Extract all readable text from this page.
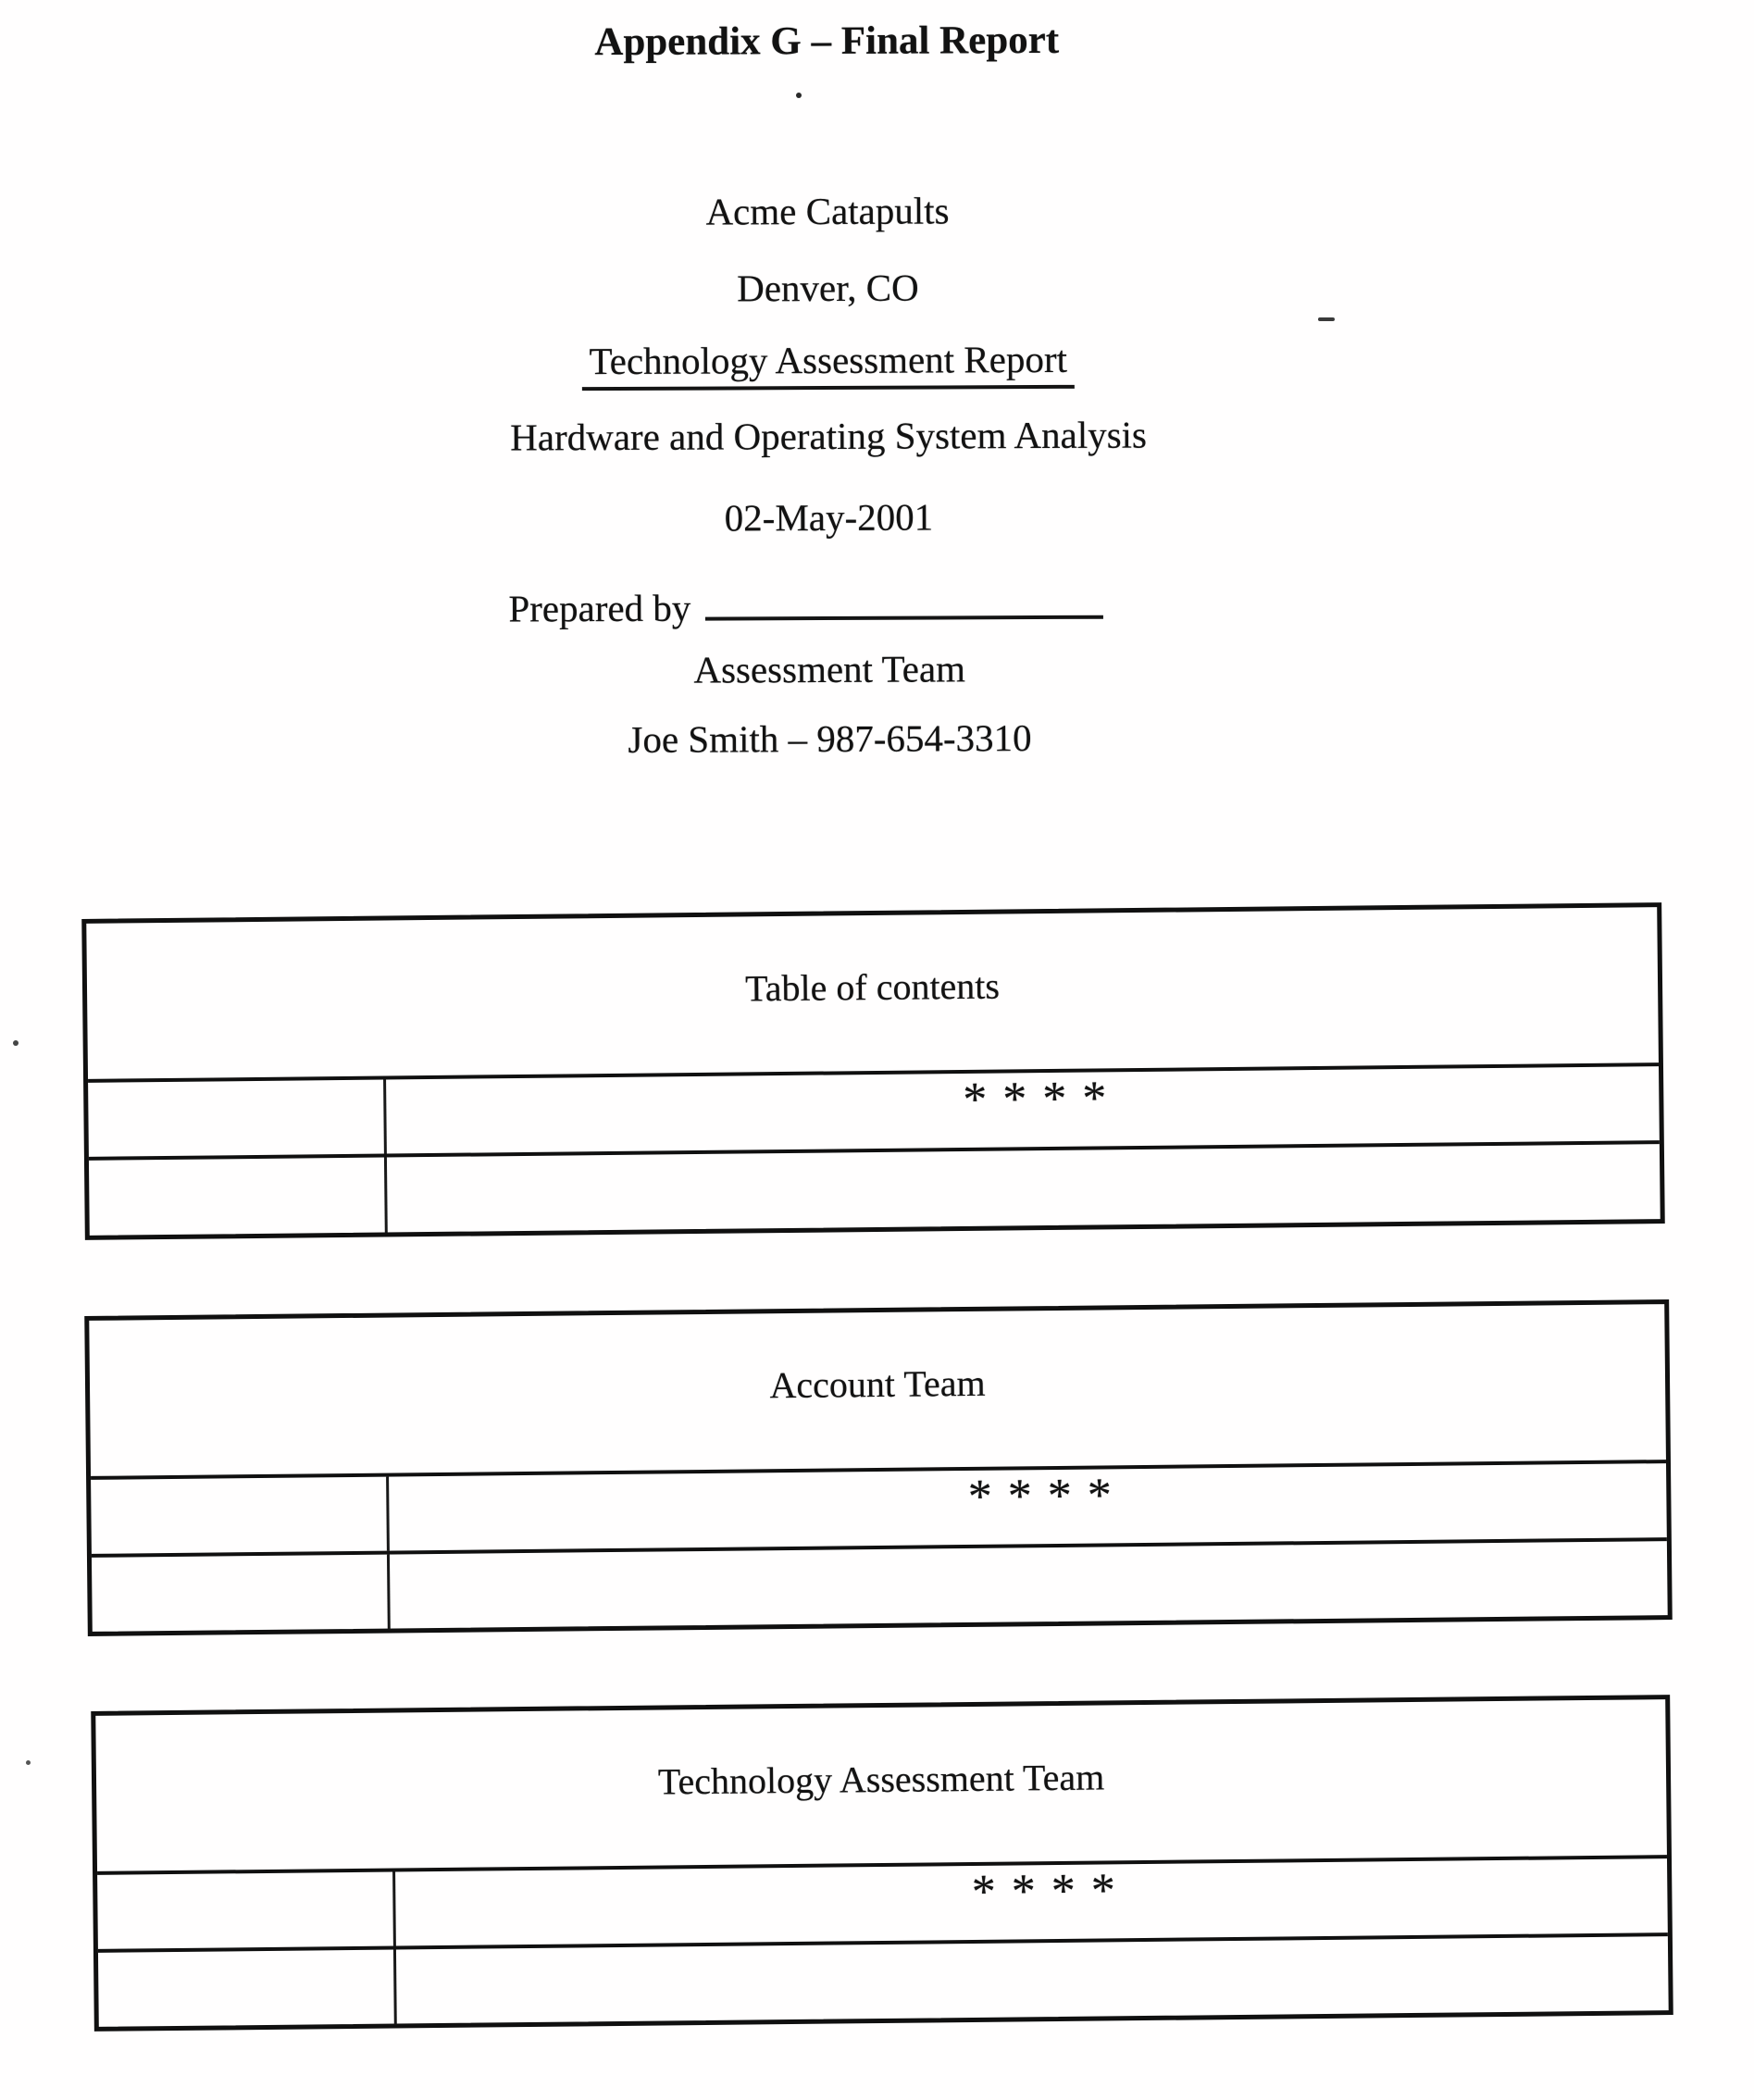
Appendix G – Final Report
Acme Catapults
Denver, CO
Technology Assessment Report
Hardware and Operating System Analysis
02-May-2001
Prepared by
Assessment Team
Joe Smith – 987-654-3310
Table of contents
* * * *
Account Team
* * * *
Technology Assessment Team
* * * *
